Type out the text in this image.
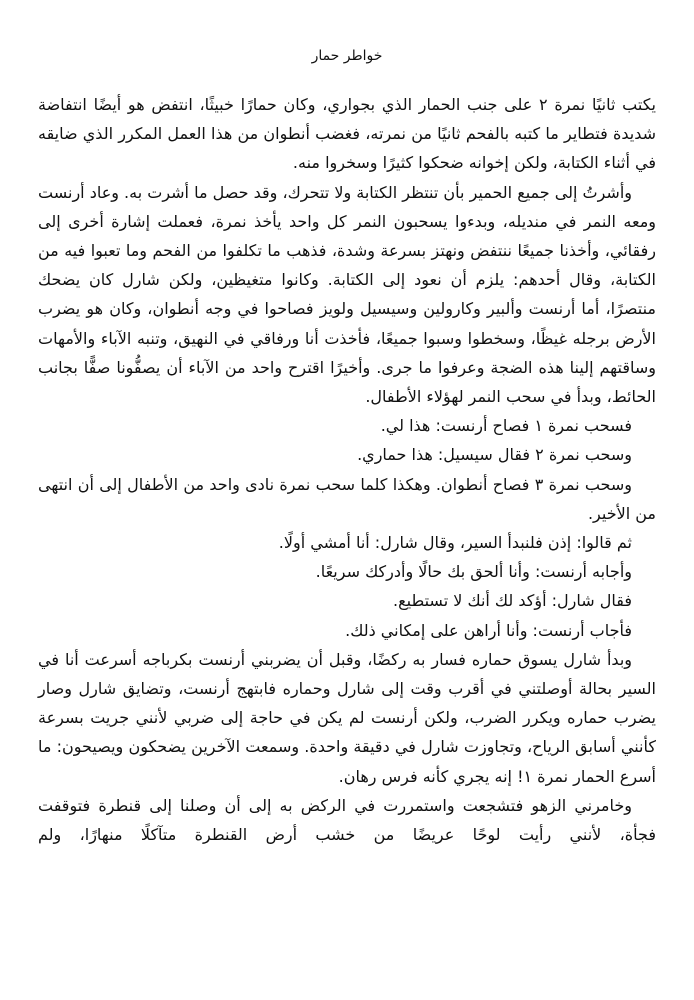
خواطر حمار

يكتب ثانيًا نمرة ٢ على جنب الحمار الذي بجواري، وكان حمارًا خبيثًا، انتفض هو أيضًا انتفاضة شديدة فتطاير ما كتبه بالفحم ثانيًا من نمرته، فغضب أنطوان من هذا العمل المكرر الذي ضايقه في أثناء الكتابة، ولكن إخوانه ضحكوا كثيرًا وسخروا منه.

وأشرتُ إلى جميع الحمير بأن تنتظر الكتابة ولا تتحرك، وقد حصل ما أشرت به. وعاد أرنست ومعه النمر في منديله، وبدءوا يسحبون النمر كل واحد يأخذ نمرة، فعملت إشارة أخرى إلى رفقائي، وأخذنا جميعًا ننتفض ونهتز بسرعة وشدة، فذهب ما تكلفوا من الفحم وما تعبوا فيه من الكتابة، وقال أحدهم: يلزم أن نعود إلى الكتابة. وكانوا متغيظين، ولكن شارل كان يضحك منتصرًا، أما أرنست وألبير وكارولين وسيسيل ولويز فصاحوا في وجه أنطوان، وكان هو يضرب الأرض برجله غيظًا، وسخطوا وسبوا جميعًا، فأخذت أنا ورفاقي في النهيق، وتنبه الآباء والأمهات وساقتهم إلينا هذه الضجة وعرفوا ما جرى. وأخيرًا اقترح واحد من الآباء أن يصفُّونا صفًّا بجانب الحائط، وبدأ في سحب النمر لهؤلاء الأطفال.

فسحب نمرة ١ فصاح أرنست: هذا لي.

وسحب نمرة ٢ فقال سيسيل: هذا حماري.

وسحب نمرة ٣ فصاح أنطوان. وهكذا كلما سحب نمرة نادى واحد من الأطفال إلى أن انتهى من الأخير.

ثم قالوا: إذن فلنبدأ السير، وقال شارل: أنا أمشي أولًا.

وأجابه أرنست: وأنا ألحق بك حالًا وأدركك سريعًا.

فقال شارل: أؤكد لك أنك لا تستطيع.

فأجاب أرنست: وأنا أراهن على إمكاني ذلك.

وبدأ شارل يسوق حماره فسار به ركضًا، وقبل أن يضربني أرنست بكرباجه أسرعت أنا في السير بحالة أوصلتني في أقرب وقت إلى شارل وحماره فابتهج أرنست، وتضايق شارل وصار يضرب حماره ويكرر الضرب، ولكن أرنست لم يكن في حاجة إلى ضربي لأنني جريت بسرعة كأنني أسابق الرياح، وتجاوزت شارل في دقيقة واحدة. وسمعت الآخرين يضحكون ويصيحون: ما أسرع الحمار نمرة ١! إنه يجري كأنه فرس رهان.

وخامرني الزهو فتشجعت واستمررت في الركض به إلى أن وصلنا إلى قنطرة فتوقفت فجأة، لأنني رأيت لوحًا عريضًا من خشب أرض القنطرة متآكلًا منهارًا، ولم
